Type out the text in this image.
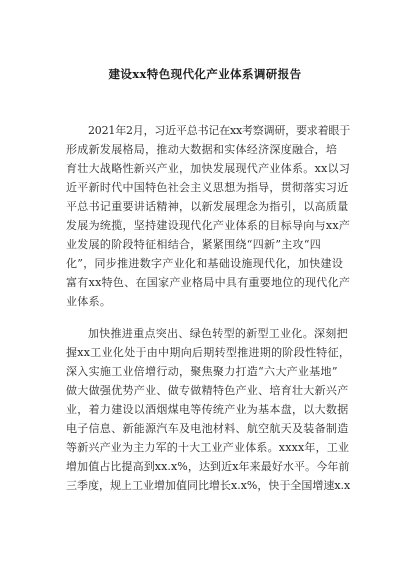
建设xx特色现代化产业体系调研报告
2021年2月，习近平总书记在xx考察调研，要求着眼于
形成新发展格局，推动大数据和实体经济深度融合，培
育壮大战略性新兴产业，加快发展现代产业体系。xx以习
近平新时代中国特色社会主义思想为指导，贯彻落实习近
平总书记重要讲话精神，以新发展理念为指引，以高质量
发展为统揽，坚持建设现代化产业体系的目标导向与xx产
业发展的阶段特征相结合，紧紧围绕“四新”主攻“四
化”，同步推进数字产业化和基础设施现代化，加快建设
富有xx特色、在国家产业格局中具有重要地位的现代化产
业体系。
加快推进重点突出、绿色转型的新型工业化。深刻把
握xx工业化处于由中期向后期转型推进期的阶段性特征，
深入实施工业倍增行动，聚焦聚力打造“六大产业基地”
做大做强优势产业、做专做精特色产业、培育壮大新兴产
业，着力建设以酒烟煤电等传统产业为基本盘，以大数据
电子信息、新能源汽车及电池材料、航空航天及装备制造
等新兴产业为主力军的十大工业产业体系。xxxx年，工业
增加值占比提高到xx.x%，达到近x年来最好水平。今年前
三季度，规上工业增加值同比增长x.x%，快于全国增速x.x
